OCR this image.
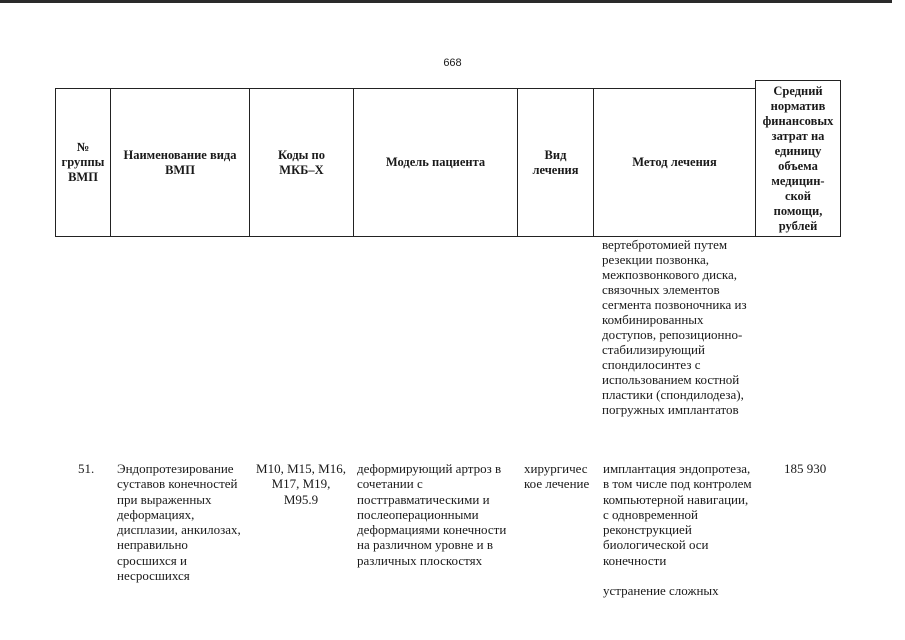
668
№
группы
ВМП
Наименование вида
ВМП
Коды по
МКБ–Х
Модель пациента
Вид
лечения
Метод лечения
Средний
норматив
финансовых
затрат на
единицу
объема
медицин-
ской
помощи,
рублей
вертебротомией путем
резекции позвонка,
межпозвонкового диска,
связочных элементов
сегмента позвоночника из
комбинированных
доступов, репозиционно-
стабилизирующий
спондилосинтез с
использованием костной
пластики (спондилодеза),
погружных имплантатов
51. Эндопротезирование
суставов конечностей
при выраженных
деформациях,
дисплазии, анкилозах,
неправильно
сросшихся и
несросшихся
M10, M15, M16,
M17, M19,
M95.9
деформирующий артроз в
сочетании с
посттравматическими и
послеоперационными
деформациями конечности
на различном уровне и в
различных плоскостях
хирургичес
кое лечение
имплантация эндопротеза,
в том числе под контролем
компьютерной навигации,
с одновременной
реконструкцией
биологической оси
конечности

устранение сложных
185 930
